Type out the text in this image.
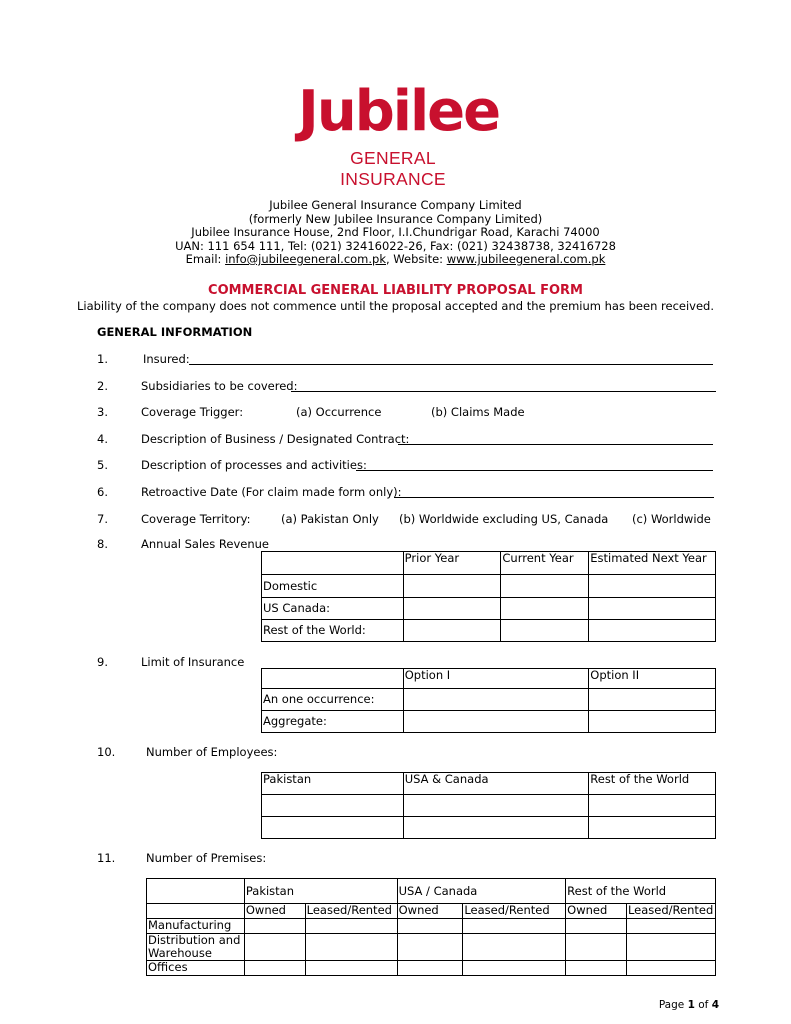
Jubilee
GENERAL INSURANCE
Jubilee General Insurance Company Limited
(formerly New Jubilee Insurance Company Limited)
Jubilee Insurance House, 2nd Floor, I.I.Chundrigar Road, Karachi 74000
UAN: 111 654 111, Tel: (021) 32416022-26, Fax: (021) 32438738, 32416728
Email: info@jubileegeneral.com.pk, Website: www.jubileegeneral.com.pk
COMMERCIAL GENERAL LIABILITY PROPOSAL FORM
Liability of the company does not commence until the proposal accepted and the premium has been received.
GENERAL INFORMATION
1.	Insured:
2.	Subsidiaries to be covered:
3.	Coverage Trigger:	(a) Occurrence	(b) Claims Made
4.	Description of Business / Designated Contract:
5.	Description of processes and activities:
6.	Retroactive Date (For claim made form only):
7.	Coverage Territory:	(a) Pakistan Only (b) Worldwide excluding US, Canada (c) Worldwide
8.	Annual Sales Revenue
	Prior Year	Current Year	Estimated Next Year
Domestic			
US Canada:			
Rest of the World:			
9.	Limit of Insurance
	Option I	Option II
An one occurrence:		
Aggregate:		
10.	Number of Employees:
Pakistan	USA & Canada	Rest of the World

11.	Number of Premises:
	Pakistan		USA / Canada		Rest of the World	
	Owned	Leased/Rented	Owned	Leased/Rented	Owned	Leased/Rented
Manufacturing						
Distribution and Warehouse						
Offices						
Page 1 of 4
